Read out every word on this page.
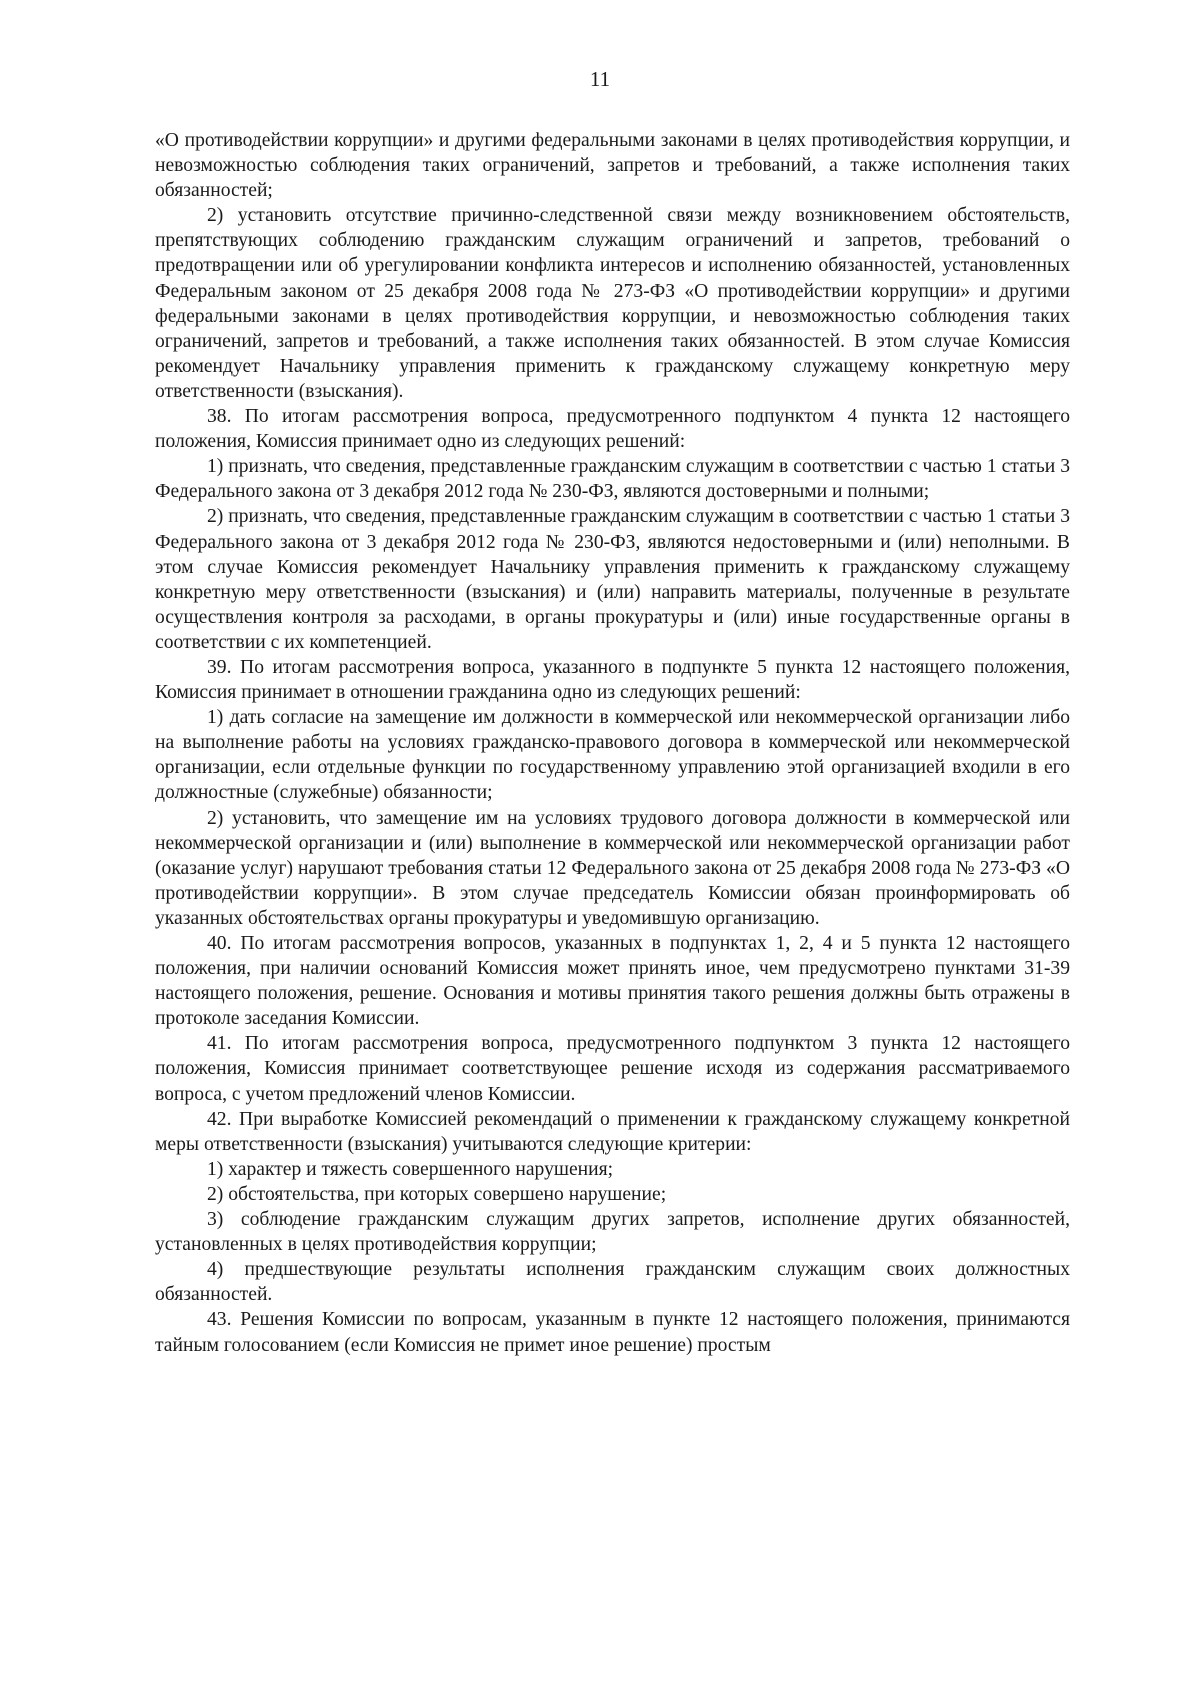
11

«О противодействии коррупции» и другими федеральными законами в целях противодействия коррупции, и невозможностью соблюдения таких ограничений, запретов и требований, а также исполнения таких обязанностей;

2) установить отсутствие причинно-следственной связи между возникновением обстоятельств, препятствующих соблюдению гражданским служащим ограничений и запретов, требований о предотвращении или об урегулировании конфликта интересов и исполнению обязанностей, установленных Федеральным законом от 25 декабря 2008 года № 273-ФЗ «О противодействии коррупции» и другими федеральными законами в целях противодействия коррупции, и невозможностью соблюдения таких ограничений, запретов и требований, а также исполнения таких обязанностей. В этом случае Комиссия рекомендует Начальнику управления применить к гражданскому служащему конкретную меру ответственности (взыскания).

38. По итогам рассмотрения вопроса, предусмотренного подпунктом 4 пункта 12 настоящего положения, Комиссия принимает одно из следующих решений:

1) признать, что сведения, представленные гражданским служащим в соответствии с частью 1 статьи 3 Федерального закона от 3 декабря 2012 года № 230-ФЗ, являются достоверными и полными;

2) признать, что сведения, представленные гражданским служащим в соответствии с частью 1 статьи 3 Федерального закона от 3 декабря 2012 года № 230-ФЗ, являются недостоверными и (или) неполными. В этом случае Комиссия рекомендует Начальнику управления применить к гражданскому служащему конкретную меру ответственности (взыскания) и (или) направить материалы, полученные в результате осуществления контроля за расходами, в органы прокуратуры и (или) иные государственные органы в соответствии с их компетенцией.

39. По итогам рассмотрения вопроса, указанного в подпункте 5 пункта 12 настоящего положения, Комиссия принимает в отношении гражданина одно из следующих решений:

1) дать согласие на замещение им должности в коммерческой или некоммерческой организации либо на выполнение работы на условиях гражданско-правового договора в коммерческой или некоммерческой организации, если отдельные функции по государственному управлению этой организацией входили в его должностные (служебные) обязанности;

2) установить, что замещение им на условиях трудового договора должности в коммерческой или некоммерческой организации и (или) выполнение в коммерческой или некоммерческой организации работ (оказание услуг) нарушают требования статьи 12 Федерального закона от 25 декабря 2008 года № 273-ФЗ «О противодействии коррупции». В этом случае председатель Комиссии обязан проинформировать об указанных обстоятельствах органы прокуратуры и уведомившую организацию.

40. По итогам рассмотрения вопросов, указанных в подпунктах 1, 2, 4 и 5 пункта 12 настоящего положения, при наличии оснований Комиссия может принять иное, чем предусмотрено пунктами 31-39 настоящего положения, решение. Основания и мотивы принятия такого решения должны быть отражены в протоколе заседания Комиссии.

41. По итогам рассмотрения вопроса, предусмотренного подпунктом 3 пункта 12 настоящего положения, Комиссия принимает соответствующее решение исходя из содержания рассматриваемого вопроса, с учетом предложений членов Комиссии.

42. При выработке Комиссией рекомендаций о применении к гражданскому служащему конкретной меры ответственности (взыскания) учитываются следующие критерии:

1) характер и тяжесть совершенного нарушения;

2) обстоятельства, при которых совершено нарушение;

3) соблюдение гражданским служащим других запретов, исполнение других обязанностей, установленных в целях противодействия коррупции;

4) предшествующие результаты исполнения гражданским служащим своих должностных обязанностей.

43. Решения Комиссии по вопросам, указанным в пункте 12 настоящего положения, принимаются тайным голосованием (если Комиссия не примет иное решение) простым
